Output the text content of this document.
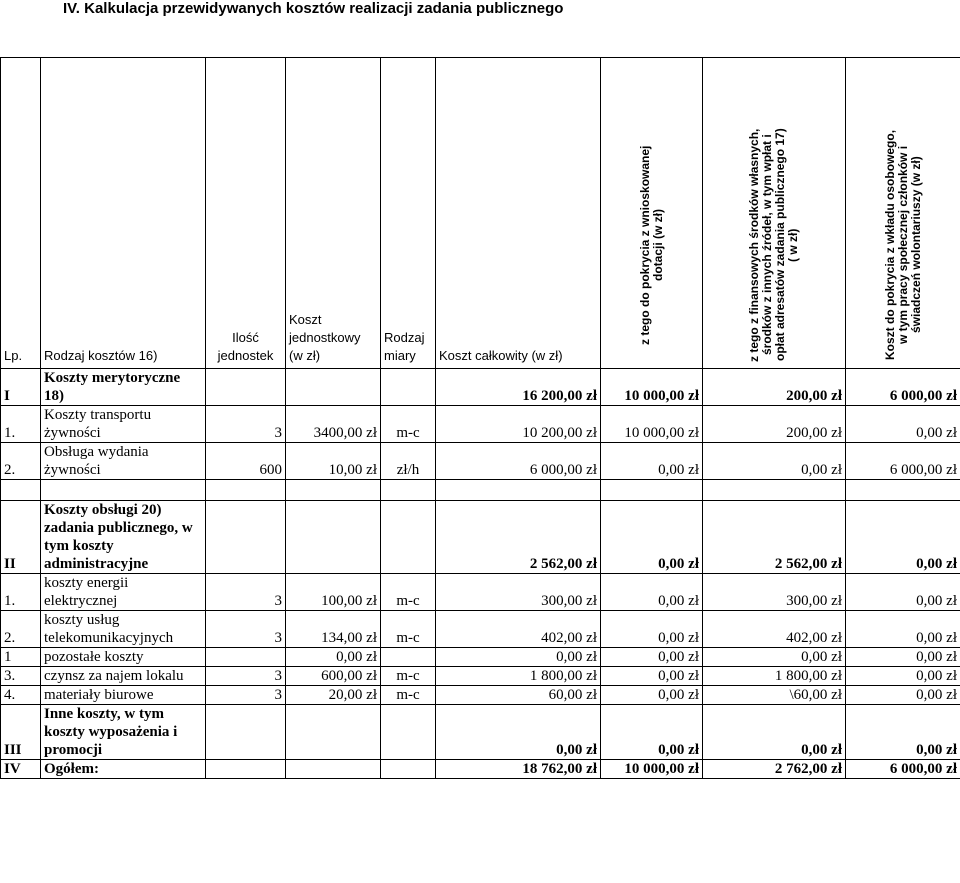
IV. Kalkulacja przewidywanych kosztów realizacji zadania publicznego
Lp.	Rodzaj kosztów 16)	Ilość jednostek	Koszt jednostkowy (w zł)	Rodzaj miary	Koszt całkowity (w zł)	z tego do pokrycia z wnioskowanej dotacji (w zł)	z tego z finansowych środków własnych, środków z innych źródeł, w tym wpłat i opłat adresatów zadania publicznego 17) ( w zł)	Koszt do pokrycia z wkładu osobowego, w tym pracy społecznej członków i świadczeń wolontariuszy (w zł)

I	Koszty merytoryczne 18)				16 200,00 zł	10 000,00 zł	200,00 zł	6 000,00 zł
1.	Koszty transportu żywności	3	3400,00 zł	m-c	10 200,00 zł	10 000,00 zł	200,00 zł	0,00 zł
2.	Obsługa wydania żywności	600	10,00 zł	zł/h	6 000,00 zł	0,00 zł	0,00 zł	6 000,00 zł

II	Koszty obsługi 20) zadania publicznego, w tym koszty administracyjne				2 562,00 zł	0,00 zł	2 562,00 zł	0,00 zł
1.	koszty energii elektrycznej	3	100,00 zł	m-c	300,00 zł	0,00 zł	300,00 zł	0,00 zł
2.	koszty usług telekomunikacyjnych	3	134,00 zł	m-c	402,00 zł	0,00 zł	402,00 zł	0,00 zł
1	pozostałe koszty		0,00 zł		0,00 zł	0,00 zł	0,00 zł	0,00 zł
3.	czynsz za najem lokalu	3	600,00 zł	m-c	1 800,00 zł	0,00 zł	1 800,00 zł	0,00 zł
4.	materiały biurowe	3	20,00 zł	m-c	60,00 zł	0,00 zł	\60,00 zł	0,00 zł
III	Inne koszty, w tym koszty wyposażenia i promocji				0,00 zł	0,00 zł	0,00 zł	0,00 zł
IV	Ogółem:				18 762,00 zł	10 000,00 zł	2 762,00 zł	6 000,00 zł
